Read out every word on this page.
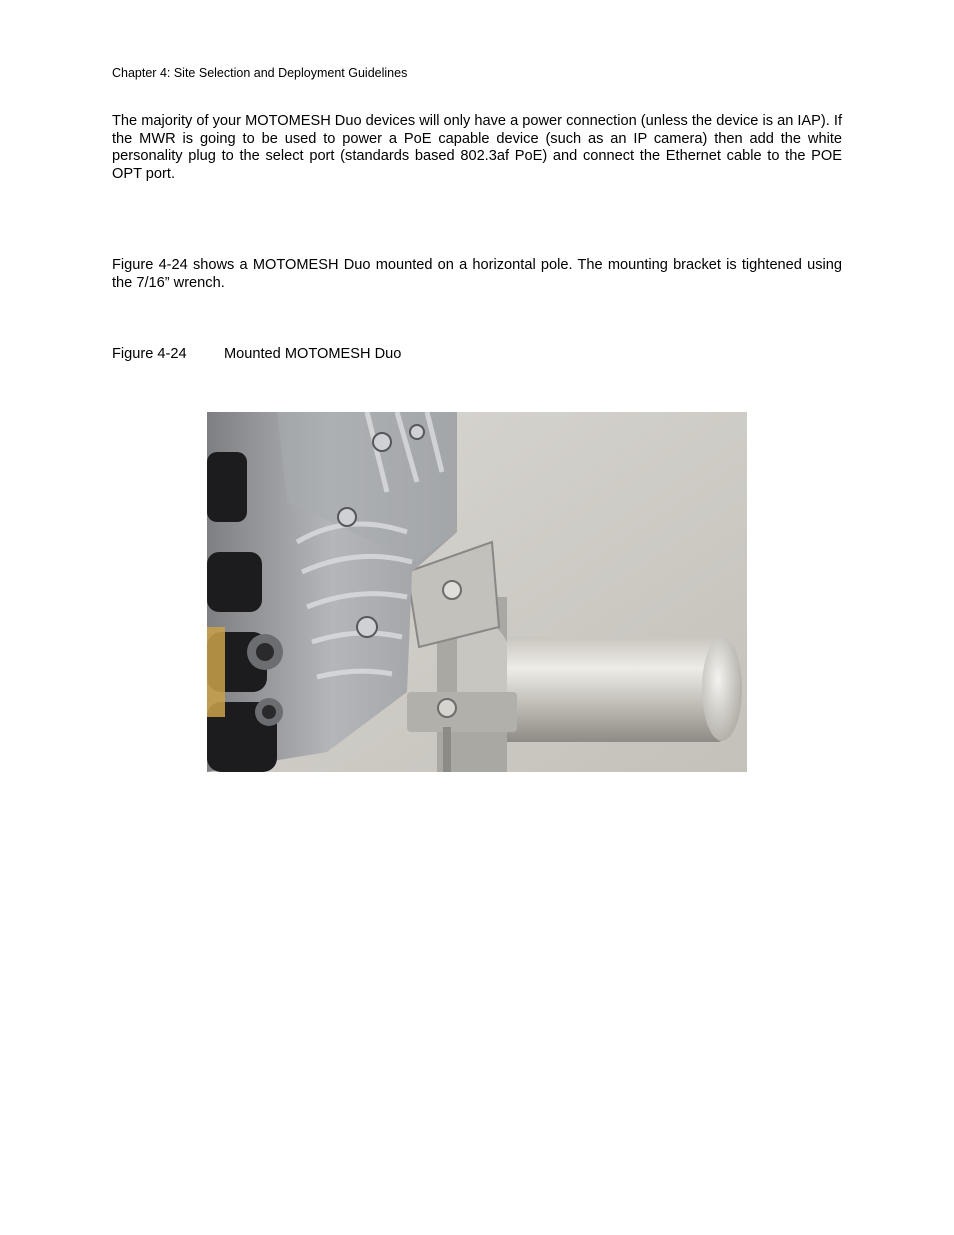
Chapter 4: Site Selection and Deployment Guidelines

The majority of your MOTOMESH Duo devices will only have a power connection (unless the device is an IAP). If the MWR is going to be used to power a PoE capable device (such as an IP camera) then add the white personality plug to the select port (standards based 802.3af PoE) and connect the Ethernet cable to the POE OPT port.

Figure 4-24 shows a MOTOMESH Duo mounted on a horizontal pole. The mounting bracket is tightened using the 7/16” wrench.

Figure 4-24	Mounted MOTOMESH Duo
